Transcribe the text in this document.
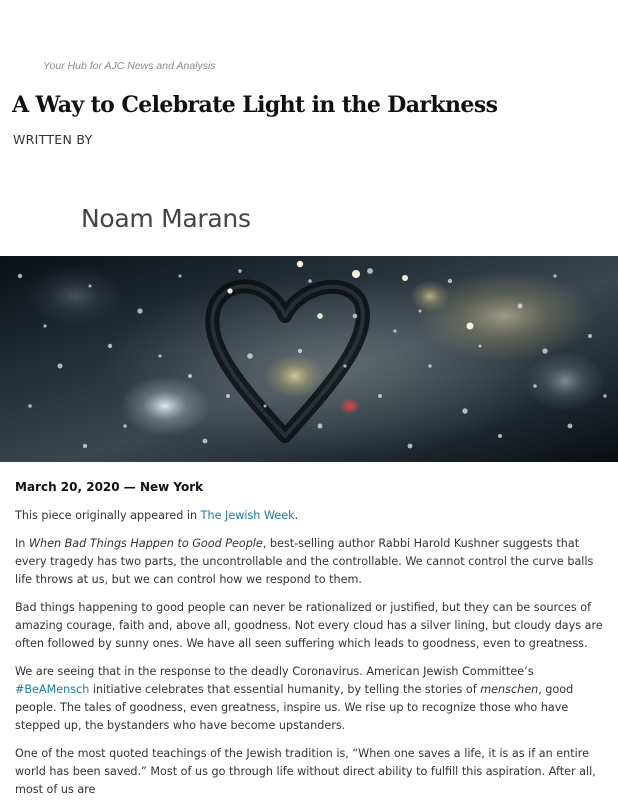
Your Hub for AJC News and Analysis
A Way to Celebrate Light in the Darkness
WRITTEN BY
Noam Marans
March 20, 2020 — New York

This piece originally appeared in The Jewish Week.

In When Bad Things Happen to Good People, best-selling author Rabbi Harold Kushner suggests that every tragedy has two parts, the uncontrollable and the controllable. We cannot control the curve balls life throws at us, but we can control how we respond to them.

Bad things happening to good people can never be rationalized or justified, but they can be sources of amazing courage, faith and, above all, goodness. Not every cloud has a silver lining, but cloudy days are often followed by sunny ones. We have all seen suffering which leads to goodness, even to greatness.

We are seeing that in the response to the deadly Coronavirus. American Jewish Committee’s #BeAMensch initiative celebrates that essential humanity, by telling the stories of menschen, good people. The tales of goodness, even greatness, inspire us. We rise up to recognize those who have stepped up, the bystanders who have become upstanders.

One of the most quoted teachings of the Jewish tradition is, “When one saves a life, it is as if an entire world has been saved.” Most of us go through life without direct ability to fulfill this aspiration. After all, most of us are
